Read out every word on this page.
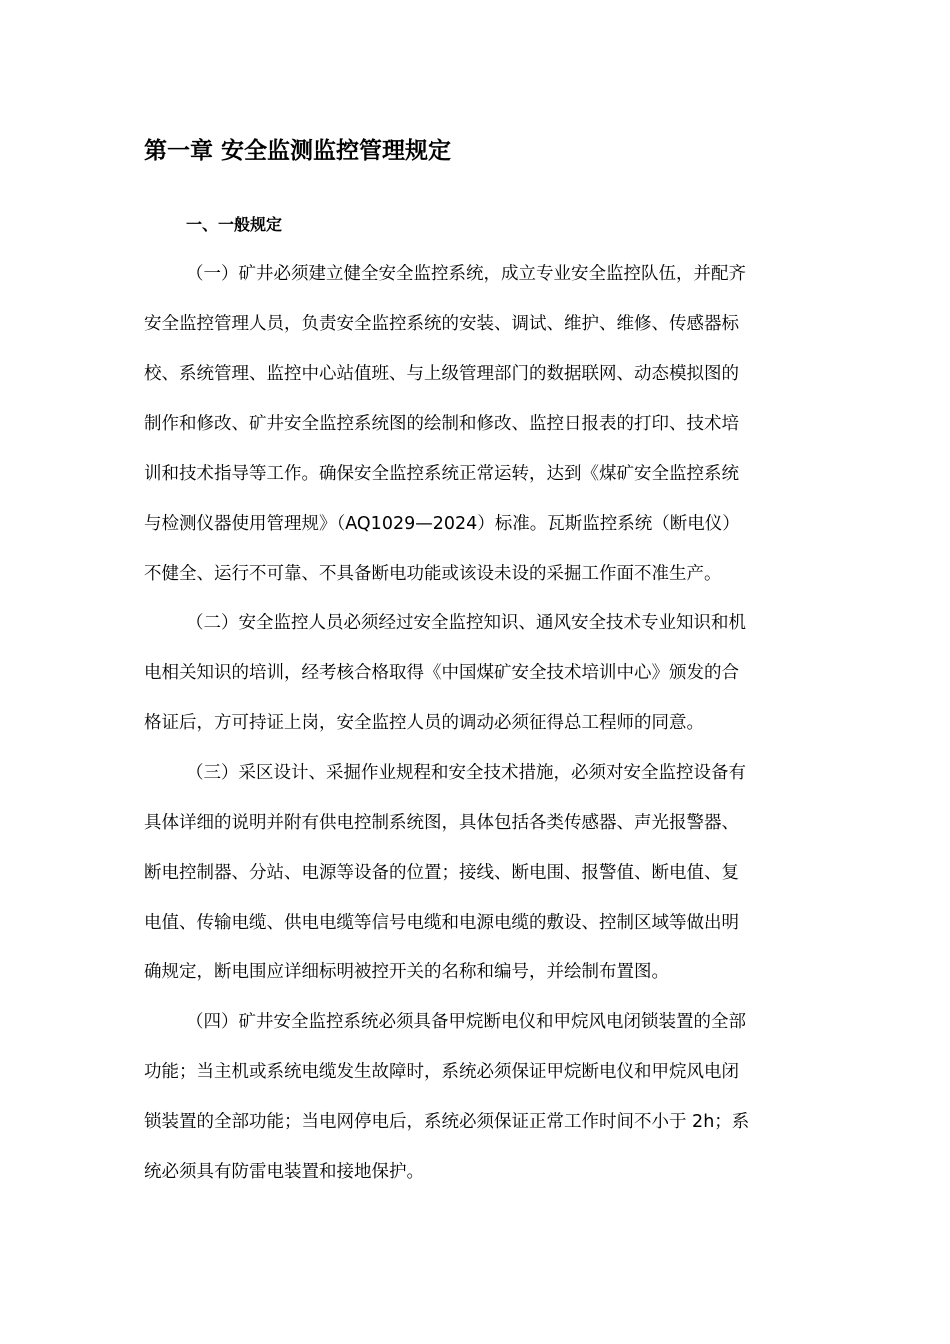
第一章 安全监测监控管理规定
一、一般规定

（一）矿井必须建立健全安全监控系统，成立专业安全监控队伍，并配齐

安全监控管理人员，负责安全监控系统的安装、调试、维护、维修、传感器标

校、系统管理、监控中心站值班、与上级管理部门的数据联网、动态模拟图的

制作和修改、矿井安全监控系统图的绘制和修改、监控日报表的打印、技术培

训和技术指导等工作。确保安全监控系统正常运转，达到《煤矿安全监控系统

与检测仪器使用管理规》（AQ1029—2024）标准。瓦斯监控系统（断电仪）

不健全、运行不可靠、不具备断电功能或该设未设的采掘工作面不准生产。

（二）安全监控人员必须经过安全监控知识、通风安全技术专业知识和机

电相关知识的培训，经考核合格取得《中国煤矿安全技术培训中心》颁发的合

格证后，方可持证上岗，安全监控人员的调动必须征得总工程师的同意。

（三）采区设计、采掘作业规程和安全技术措施，必须对安全监控设备有

具体详细的说明并附有供电控制系统图，具体包括各类传感器、声光报警器、

断电控制器、分站、电源等设备的位置；接线、断电围、报警值、断电值、复

电值、传输电缆、供电电缆等信号电缆和电源电缆的敷设、控制区域等做出明

确规定，断电围应详细标明被控开关的名称和编号，并绘制布置图。

（四）矿井安全监控系统必须具备甲烷断电仪和甲烷风电闭锁装置的全部

功能；当主机或系统电缆发生故障时，系统必须保证甲烷断电仪和甲烷风电闭

锁装置的全部功能；当电网停电后，系统必须保证正常工作时间不小于 2h；系

统必须具有防雷电装置和接地保护。
